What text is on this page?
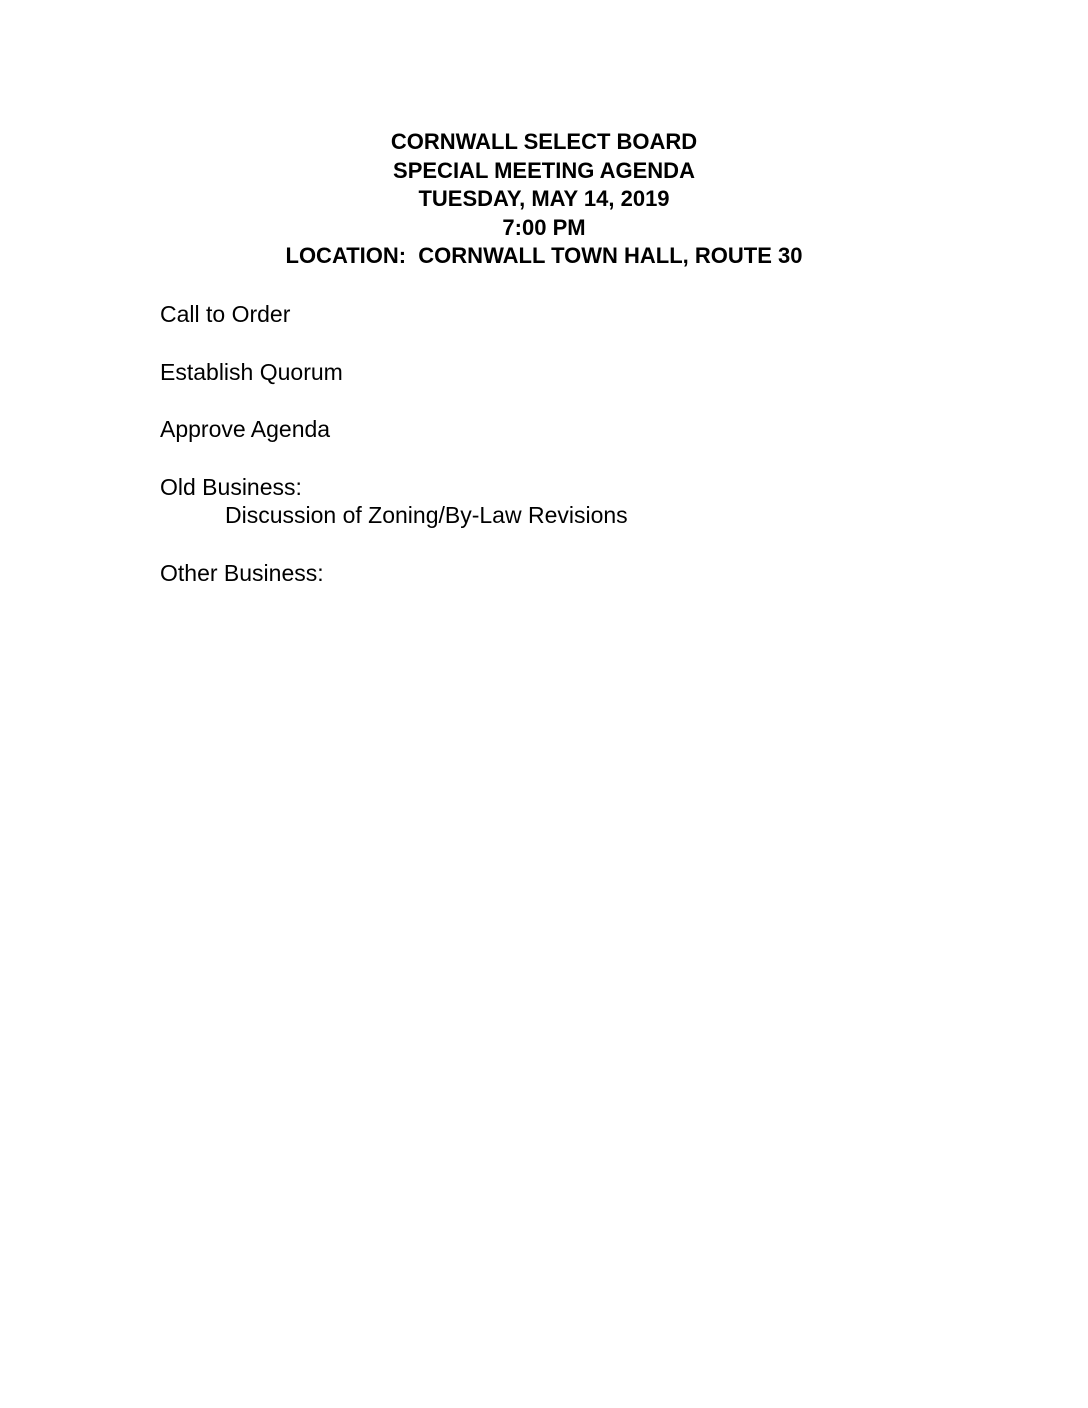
CORNWALL SELECT BOARD
SPECIAL MEETING AGENDA
TUESDAY, MAY 14, 2019
7:00 PM
LOCATION:  CORNWALL TOWN HALL, ROUTE 30
Call to Order
Establish Quorum
Approve Agenda
Old Business:
Discussion of Zoning/By-Law Revisions
Other Business:
